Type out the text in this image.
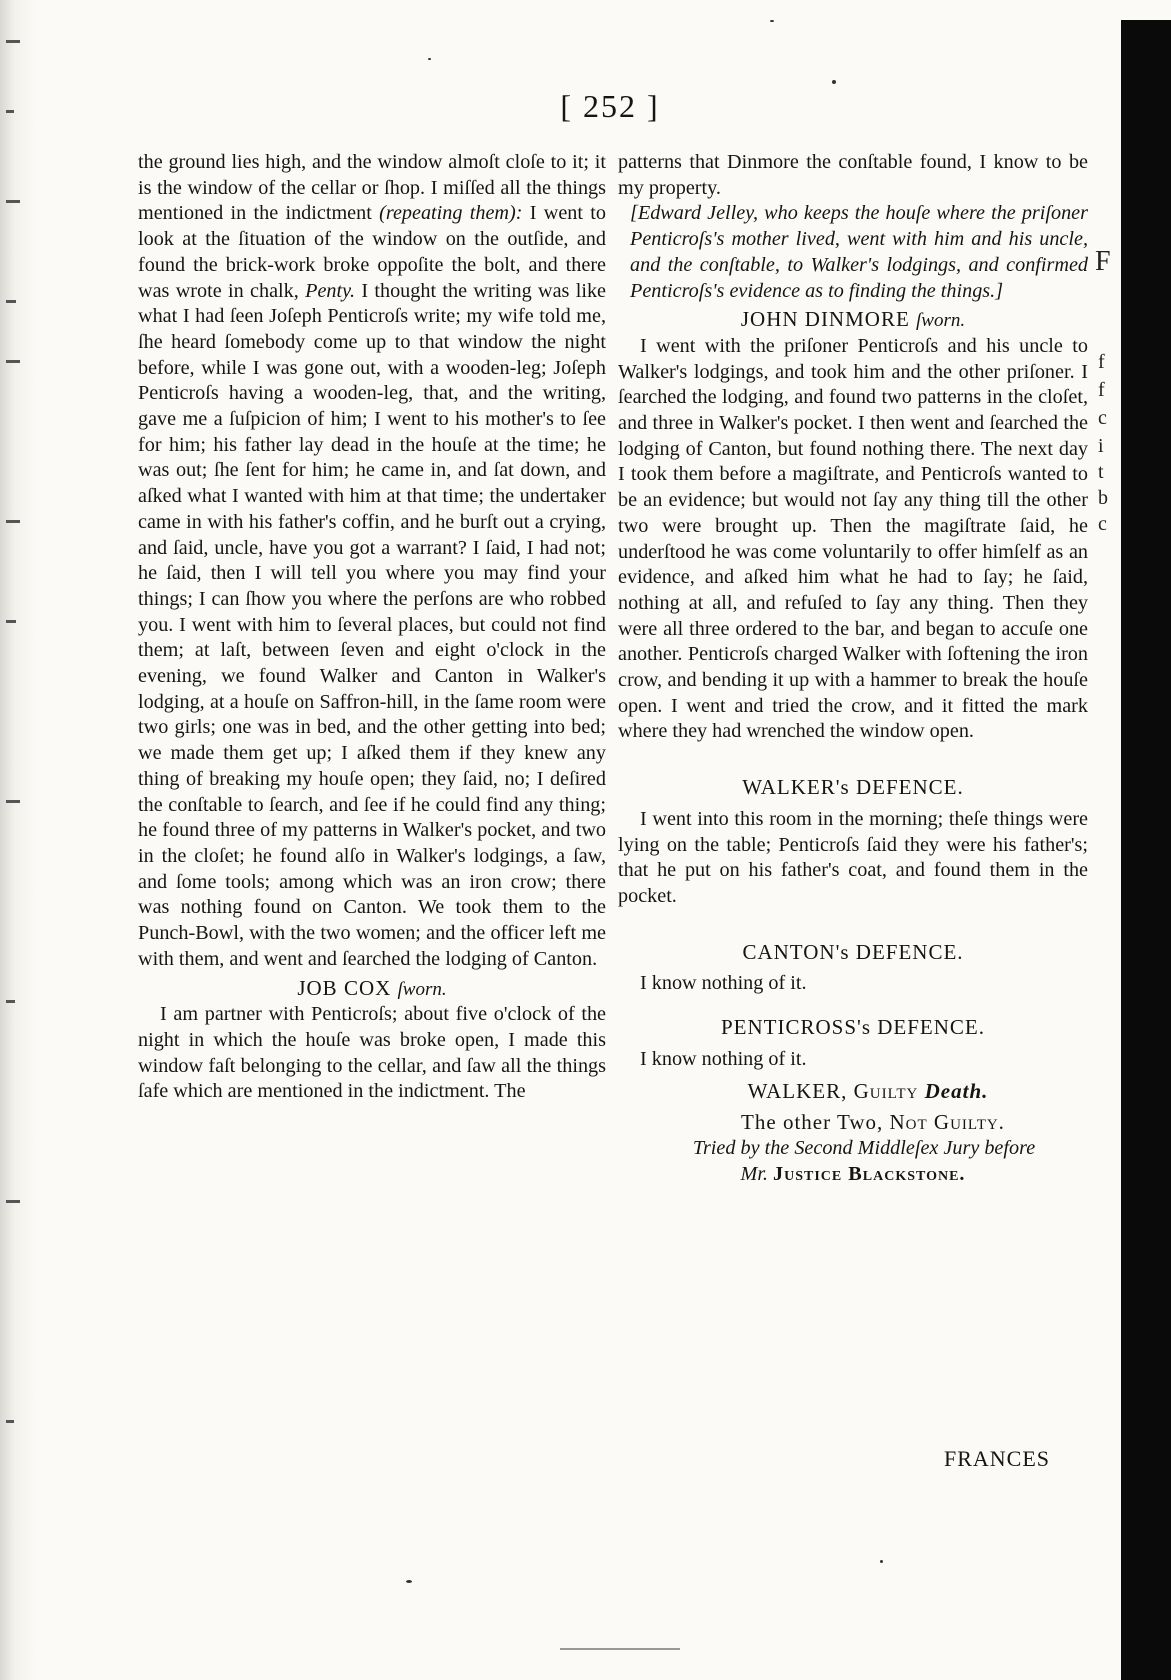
F
f
f
c
i
t
b
c
[ 252 ]

the ground lies high, and the window almoſt cloſe to it; it is the window of the cellar or ſhop. I miſſed all the things mentioned in the indictment (repeating them): I went to look at the ſituation of the window on the outſide, and found the brick-work broke oppoſite the bolt, and there was wrote in chalk, Penty. I thought the writing was like what I had ſeen Joſeph Penticroſs write; my wife told me, ſhe heard ſomebody come up to that window the night before, while I was gone out, with a wooden-leg; Joſeph Penticroſs having a wooden-leg, that, and the writing, gave me a ſuſpicion of him; I went to his mother's to ſee for him; his father lay dead in the houſe at the time; he was out; ſhe ſent for him; he came in, and ſat down, and aſked what I wanted with him at that time; the undertaker came in with his father's coffin, and he burſt out a crying, and ſaid, uncle, have you got a warrant? I ſaid, I had not; he ſaid, then I will tell you where you may find your things; I can ſhow you where the perſons are who robbed you. I went with him to ſeveral places, but could not find them; at laſt, between ſeven and eight o'clock in the evening, we found Walker and Canton in Walker's lodging, at a houſe on Saffron-hill, in the ſame room were two girls; one was in bed, and the other getting into bed; we made them get up; I aſked them if they knew any thing of breaking my houſe open; they ſaid, no; I deſired the conſtable to ſearch, and ſee if he could find any thing; he found three of my patterns in Walker's pocket, and two in the cloſet; he found alſo in Walker's lodgings, a ſaw, and ſome tools; among which was an iron crow; there was nothing found on Canton. We took them to the Punch-Bowl, with the two women; and the officer left me with them, and went and ſearched the lodging of Canton.

JOB COX ſworn.

I am partner with Penticroſs; about five o'clock of the night in which the houſe was broke open, I made this window faſt belonging to the cellar, and ſaw all the things ſafe which are mentioned in the indictment. The

patterns that Dinmore the conſtable found, I know to be my property.

[Edward Jelley, who keeps the houſe where the priſoner Penticroſs's mother lived, went with him and his uncle, and the conſtable, to Walker's lodgings, and confirmed Penticroſs's evidence as to finding the things.]

JOHN DINMORE ſworn.

I went with the priſoner Penticroſs and his uncle to Walker's lodgings, and took him and the other priſoner. I ſearched the lodging, and found two patterns in the cloſet, and three in Walker's pocket. I then went and ſearched the lodging of Canton, but found nothing there. The next day I took them before a magiſtrate, and Penticroſs wanted to be an evidence; but would not ſay any thing till the other two were brought up. Then the magiſtrate ſaid, he underſtood he was come voluntarily to offer himſelf as an evidence, and aſked him what he had to ſay; he ſaid, nothing at all, and refuſed to ſay any thing. Then they were all three ordered to the bar, and began to accuſe one another. Penticroſs charged Walker with ſoftening the iron crow, and bending it up with a hammer to break the houſe open. I went and tried the crow, and it fitted the mark where they had wrenched the window open.

WALKER's DEFENCE.

I went into this room in the morning; theſe things were lying on the table; Penticroſs ſaid they were his father's; that he put on his father's coat, and found them in the pocket.

CANTON's DEFENCE.

I know nothing of it.

PENTICROSS's DEFENCE.

I know nothing of it.

WALKER, Guilty Death.
The other Two, Not Guilty.

Tried by the Second Middleſex Jury before
Mr. Justice Blackstone.

FRANCES
